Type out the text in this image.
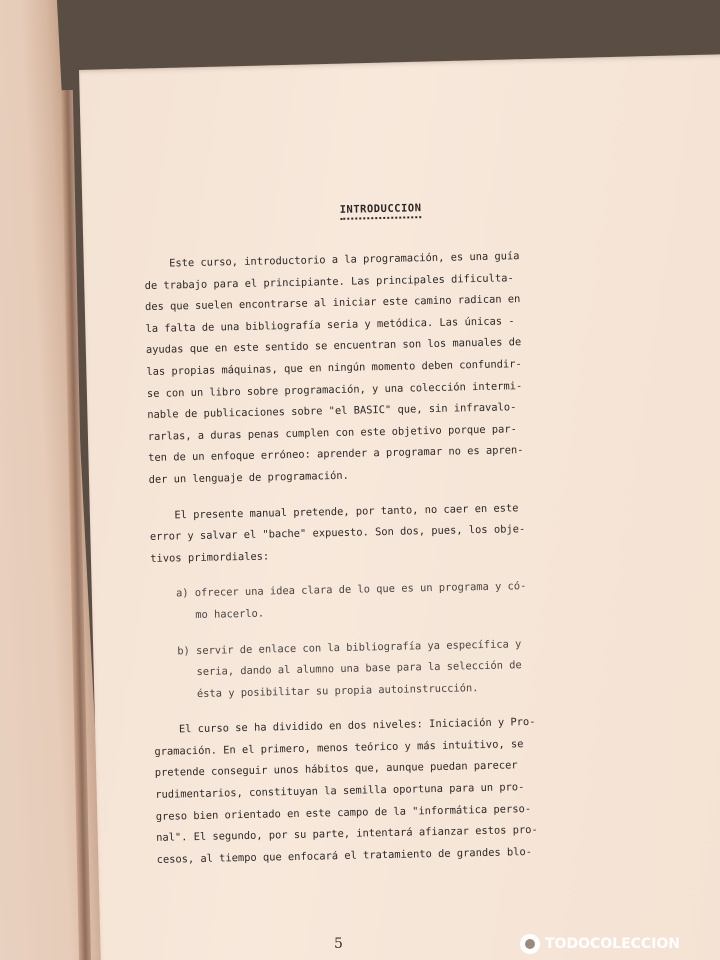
INTRODUCCION
Este curso, introductorio a la programación, es una guía
de trabajo para el principiante. Las principales dificulta-
des que suelen encontrarse al iniciar este camino radican en
la falta de una bibliografía seria y metódica. Las únicas -
ayudas que en este sentido se encuentran son los manuales de
las propias máquinas, que en ningún momento deben confundir-
se con un libro sobre programación, y una colección intermi-
nable de publicaciones sobre "el BASIC" que, sin infravalo-
rarlas, a duras penas cumplen con este objetivo porque par-
ten de un enfoque erróneo: aprender a programar no es apren-
der un lenguaje de programación.
El presente manual pretende, por tanto, no caer en este
error y salvar el "bache" expuesto. Son dos, pues, los obje-
tivos primordiales:
a) ofrecer una idea clara de lo que es un programa y có-
mo hacerlo.
b) servir de enlace con la bibliografía ya específica y
seria, dando al alumno una base para la selección de
ésta y posibilitar su propia autoinstrucción.
El curso se ha dividido en dos niveles: Iniciación y Pro-
gramación. En el primero, menos teórico y más intuitivo, se
pretende conseguir unos hábitos que, aunque puedan parecer
rudimentarios, constituyan la semilla oportuna para un pro-
greso bien orientado en este campo de la "informática perso-
nal". El segundo, por su parte, intentará afianzar estos pro-
cesos, al tiempo que enfocará el tratamiento de grandes blo-
5	TODOCOLECCION
